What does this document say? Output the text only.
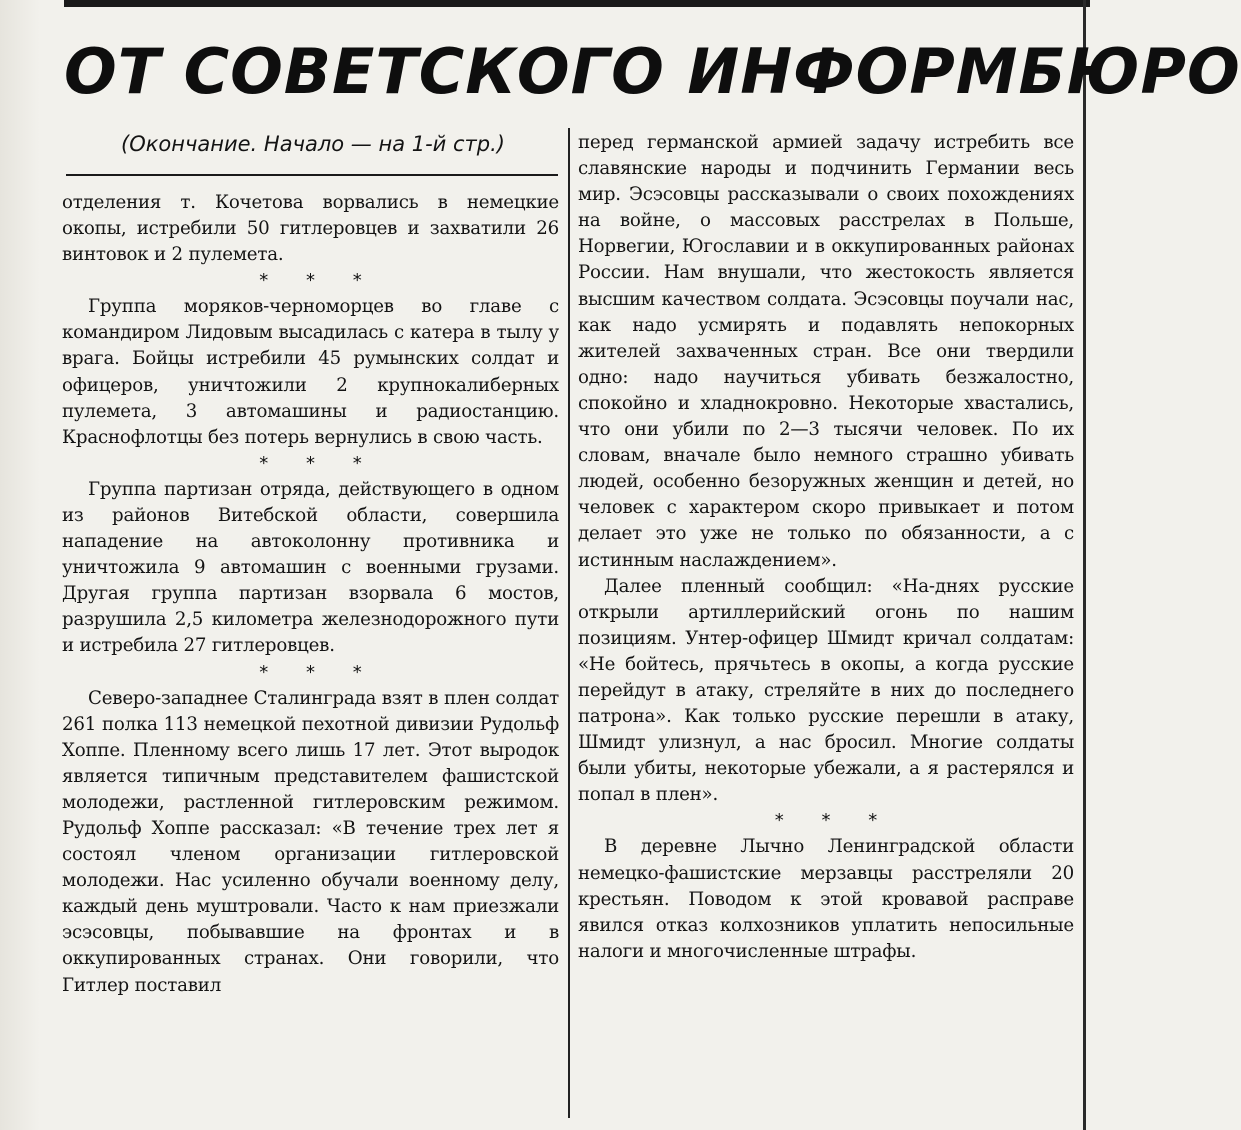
ОТ СОВЕТСКОГО ИНФОРМБЮРО
(Окончание. Начало — на 1-й стр.)

отделения т. Кочетова ворвались в немецкие окопы, истребили 50 гитлеровцев и захватили 26 винтовок и 2 пулемета.

* * *

Группа моряков-черноморцев во главе с командиром Лидовым высадилась с катера в тылу у врага. Бойцы истребили 45 румынских солдат и офицеров, уничтожили 2 крупнокалиберных пулемета, 3 автомашины и радиостанцию. Краснофлотцы без потерь вернулись в свою часть.

* * *

Группа партизан отряда, действующего в одном из районов Витебской области, совершила нападение на автоколонну противника и уничтожила 9 автомашин с военными грузами. Другая группа партизан взорвала 6 мостов, разрушила 2,5 километра железнодорожного пути и истребила 27 гитлеровцев.

* * *

Северо-западнее Сталинграда взят в плен солдат 261 полка 113 немецкой пехотной дивизии Рудольф Хоппе. Пленному всего лишь 17 лет. Этот выродок является типичным представителем фашистской молодежи, растленной гитлеровским режимом. Рудольф Хоппе рассказал: «В течение трех лет я состоял членом организации гитлеровской молодежи. Нас усиленно обучали военному делу, каждый день муштровали. Часто к нам приезжали эсэсовцы, побывавшие на фронтах и в оккупированных странах. Они говорили, что Гитлер поставил

перед германской армией задачу истребить все славянские народы и подчинить Германии весь мир. Эсэсовцы рассказывали о своих похождениях на войне, о массовых расстрелах в Польше, Норвегии, Югославии и в оккупированных районах России. Нам внушали, что жестокость является высшим качеством солдата. Эсэсовцы поучали нас, как надо усмирять и подавлять непокорных жителей захваченных стран. Все они твердили одно: надо научиться убивать безжалостно, спокойно и хладнокровно. Некоторые хвастались, что они убили по 2—3 тысячи человек. По их словам, вначале было немного страшно убивать людей, особенно безоружных женщин и детей, но человек с характером скоро привыкает и потом делает это уже не только по обязанности, а с истинным наслаждением».

Далее пленный сообщил: «На-днях русские открыли артиллерийский огонь по нашим позициям. Унтер-офицер Шмидт кричал солдатам: «Не бойтесь, прячьтесь в окопы, а когда русские перейдут в атаку, стреляйте в них до последнего патрона». Как только русские перешли в атаку, Шмидт улизнул, а нас бросил. Многие солдаты были убиты, некоторые убежали, а я растерялся и попал в плен».

* * *

В деревне Лычно Ленинградской области немецко-фашистские мерзавцы расстреляли 20 крестьян. Поводом к этой кровавой расправе явился отказ колхозников уплатить непосильные налоги и многочисленные штрафы.
